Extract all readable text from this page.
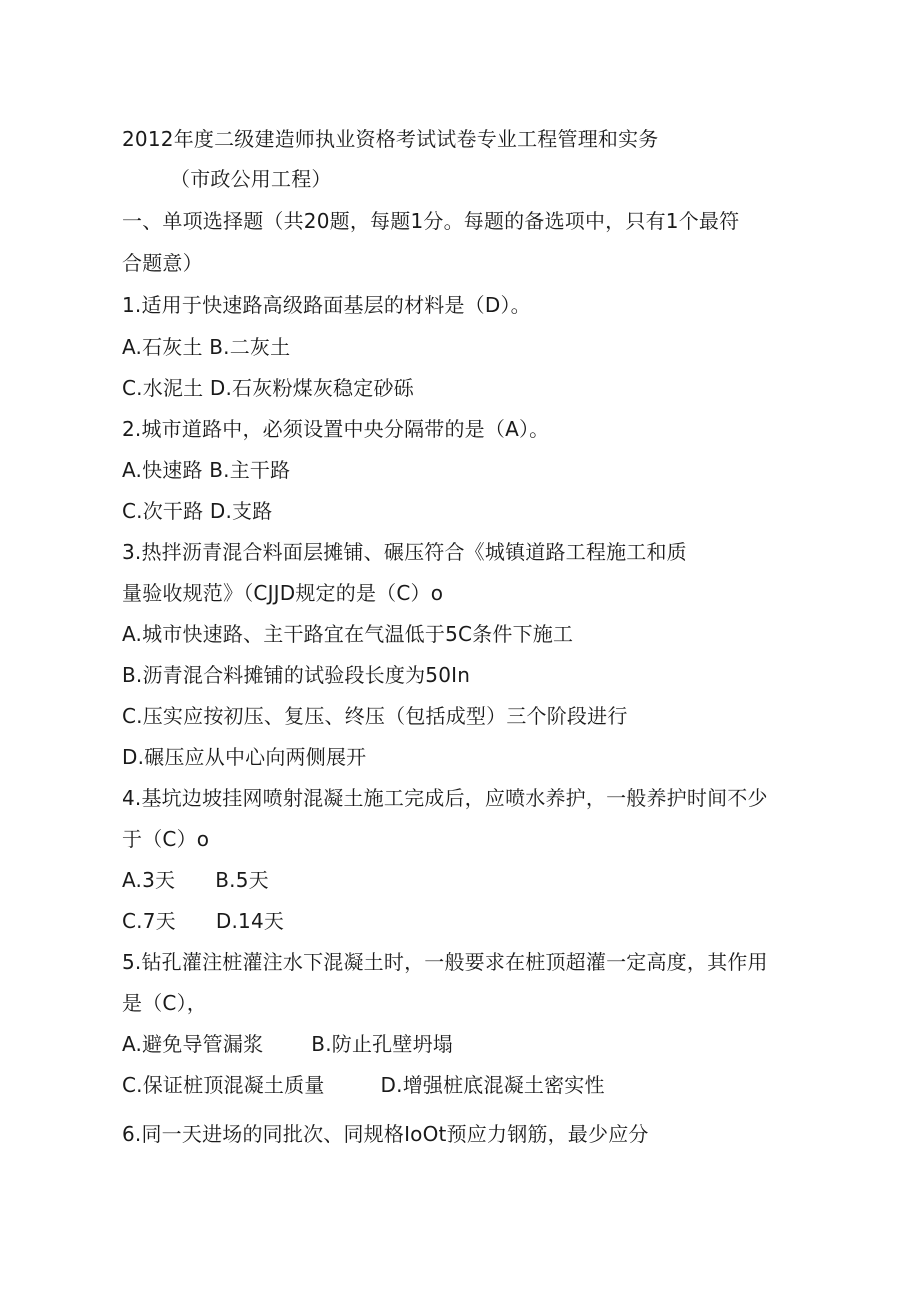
2012年度二级建造师执业资格考试试卷专业工程管理和实务
（市政公用工程）
一、单项选择题（共20题，每题1分。每题的备选项中，只有1个最符
合题意）
1.适用于快速路高级路面基层的材料是（D）。
A.石灰土 B.二灰土
C.水泥土 D.石灰粉煤灰稳定砂砾
2.城市道路中，必须设置中央分隔带的是（A）。
A.快速路 B.主干路
C.次干路 D.支路
3.热拌沥青混合料面层摊铺、碾压符合《城镇道路工程施工和质
量验收规范》（CJJD规定的是（C）o
A.城市快速路、主干路宜在气温低于5C条件下施工
B.沥青混合料摊铺的试验段长度为50In
C.压实应按初压、复压、终压（包括成型）三个阶段进行
D.碾压应从中心向两侧展开
4.基坑边坡挂网喷射混凝土施工完成后，应喷水养护，一般养护时间不少
于（C）o
A.3天 B.5天
C.7天 D.14天
5.钻孔灌注桩灌注水下混凝土时，一般要求在桩顶超灌一定高度，其作用
是（C），
A.避免导管漏浆 B.防止孔壁坍塌
C.保证桩顶混凝土质量	D.增强桩底混凝土密实性
6.同一天进场的同批次、同规格IoOt预应力钢筋，最少应分
